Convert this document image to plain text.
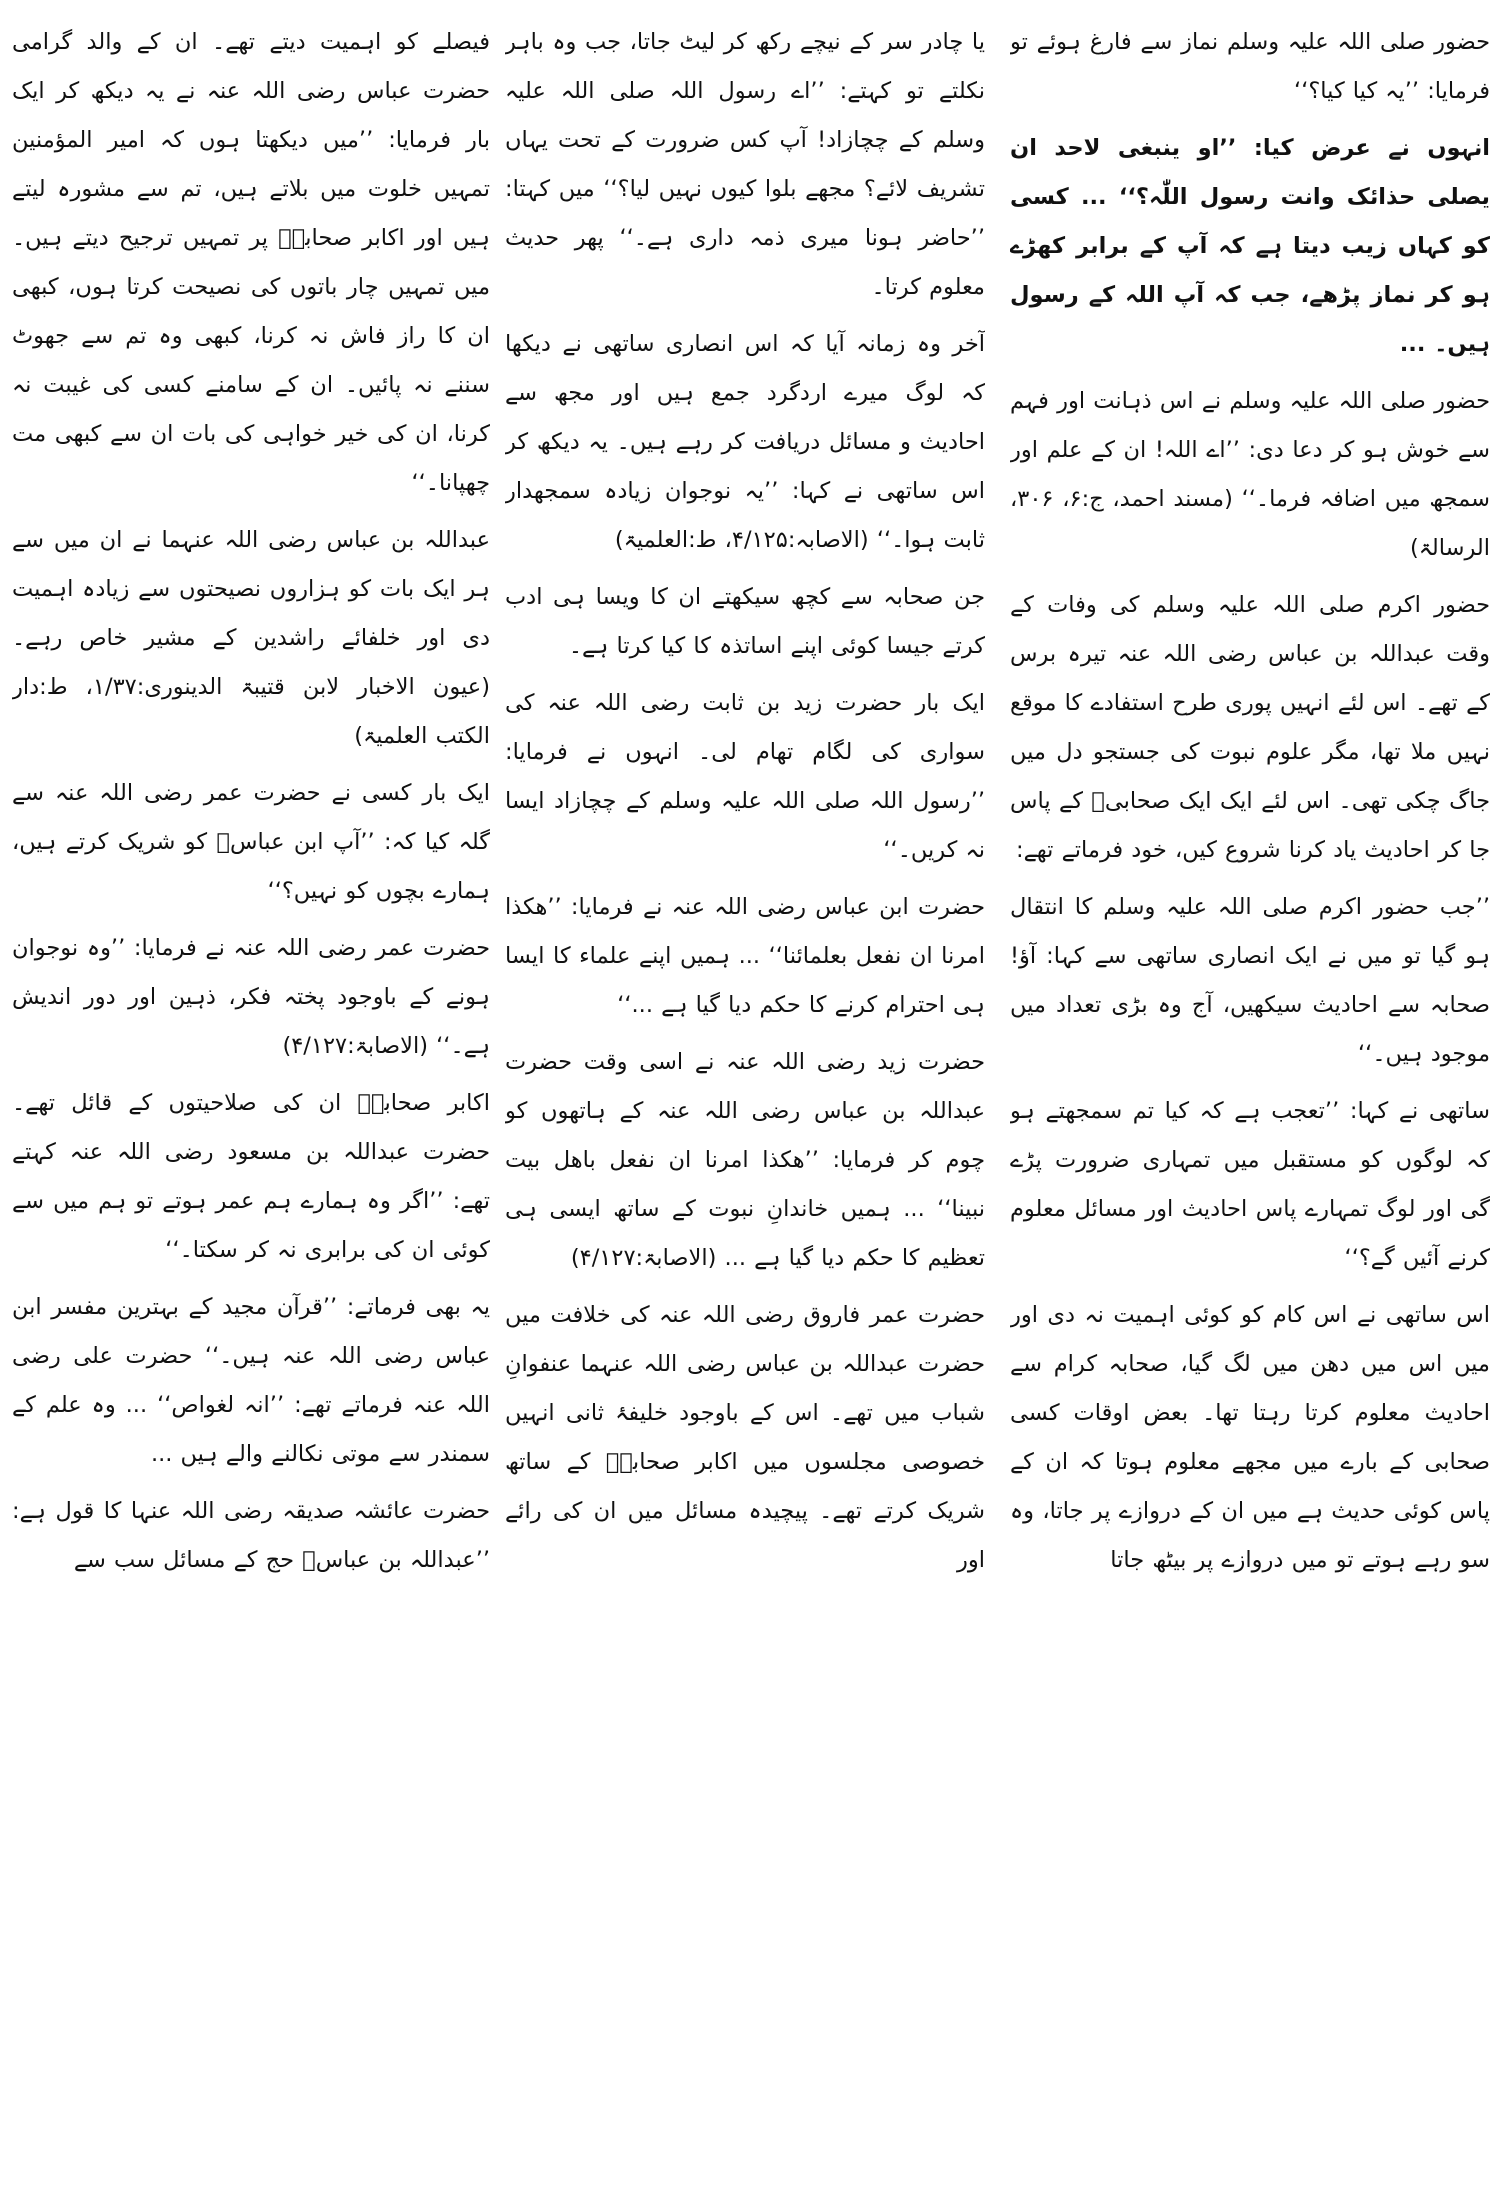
حضور صلی اللہ علیہ وسلم نماز سے فارغ ہوئے تو فرمایا: ’’یہ کیا کیا؟‘‘

انہوں نے عرض کیا: ’’او ینبغی لاحد ان یصلی حذائک وانت رسول اللّٰہ؟‘‘ ... کسی کو کہاں زیب دیتا ہے کہ آپ کے برابر کھڑے ہو کر نماز پڑھے، جب کہ آپ اللہ کے رسول ہیں۔ ...

حضور صلی اللہ علیہ وسلم نے اس ذہانت اور فہم سے خوش ہو کر دعا دی: ’’اے اللہ! ان کے علم اور سمجھ میں اضافہ فرما۔‘‘ (مسند احمد، ج:۶، ۳۰۶، الرسالۃ)

حضور اکرم صلی اللہ علیہ وسلم کی وفات کے وقت عبداللہ بن عباس رضی اللہ عنہ تیرہ برس کے تھے۔ اس لئے انہیں پوری طرح استفادے کا موقع نہیں ملا تھا، مگر علوم نبوت کی جستجو دل میں جاگ چکی تھی۔ اس لئے ایک ایک صحابیؓ کے پاس جا کر احادیث یاد کرنا شروع کیں، خود فرماتے تھے:

’’جب حضور اکرم صلی اللہ علیہ وسلم کا انتقال ہو گیا تو میں نے ایک انصاری ساتھی سے کہا: آؤ! صحابہ سے احادیث سیکھیں، آج وہ بڑی تعداد میں موجود ہیں۔‘‘

ساتھی نے کہا: ’’تعجب ہے کہ کیا تم سمجھتے ہو کہ لوگوں کو مستقبل میں تمہاری ضرورت پڑے گی اور لوگ تمہارے پاس احادیث اور مسائل معلوم کرنے آئیں گے؟‘‘

اس ساتھی نے اس کام کو کوئی اہمیت نہ دی اور میں اس میں دھن میں لگ گیا، صحابہ کرام سے احادیث معلوم کرتا رہتا تھا۔ بعض اوقات کسی صحابی کے بارے میں مجھے معلوم ہوتا کہ ان کے پاس کوئی حدیث ہے میں ان کے دروازے پر جاتا، وہ سو رہے ہوتے تو میں دروازے پر بیٹھ جاتا

یا چادر سر کے نیچے رکھ کر لیٹ جاتا، جب وہ باہر نکلتے تو کہتے: ’’اے رسول اللہ صلی اللہ علیہ وسلم کے چچازاد! آپ کس ضرورت کے تحت یہاں تشریف لائے؟ مجھے بلوا کیوں نہیں لیا؟‘‘ میں کہتا: ’’حاضر ہونا میری ذمہ داری ہے۔‘‘ پھر حدیث معلوم کرتا۔

آخر وہ زمانہ آیا کہ اس انصاری ساتھی نے دیکھا کہ لوگ میرے اردگرد جمع ہیں اور مجھ سے احادیث و مسائل دریافت کر رہے ہیں۔ یہ دیکھ کر اس ساتھی نے کہا: ’’یہ نوجوان زیادہ سمجھدار ثابت ہوا۔‘‘ (الاصابہ:۴/۱۲۵، ط:العلمیۃ)

جن صحابہ سے کچھ سیکھتے ان کا ویسا ہی ادب کرتے جیسا کوئی اپنے اساتذہ کا کیا کرتا ہے۔

ایک بار حضرت زید بن ثابت رضی اللہ عنہ کی سواری کی لگام تھام لی۔ انہوں نے فرمایا: ’’رسول اللہ صلی اللہ علیہ وسلم کے چچازاد ایسا نہ کریں۔‘‘

حضرت ابن عباس رضی اللہ عنہ نے فرمایا: ’’ھکذا امرنا ان نفعل بعلمائنا‘‘ ... ہمیں اپنے علماء کا ایسا ہی احترام کرنے کا حکم دیا گیا ہے ...‘‘

حضرت زید رضی اللہ عنہ نے اسی وقت حضرت عبداللہ بن عباس رضی اللہ عنہ کے ہاتھوں کو چوم کر فرمایا: ’’ھکذا امرنا ان نفعل باھل بیت نبینا‘‘ ... ہمیں خاندانِ نبوت کے ساتھ ایسی ہی تعظیم کا حکم دیا گیا ہے ... (الاصابۃ:۴/۱۲۷)

حضرت عمر فاروق رضی اللہ عنہ کی خلافت میں حضرت عبداللہ بن عباس رضی اللہ عنہما عنفوانِ شباب میں تھے۔ اس کے باوجود خلیفۂ ثانی انہیں خصوصی مجلسوں میں اکابر صحابہؓ کے ساتھ شریک کرتے تھے۔ پیچیدہ مسائل میں ان کی رائے اور

فیصلے کو اہمیت دیتے تھے۔ ان کے والد گرامی حضرت عباس رضی اللہ عنہ نے یہ دیکھ کر ایک بار فرمایا: ’’میں دیکھتا ہوں کہ امیر المؤمنین تمہیں خلوت میں بلاتے ہیں، تم سے مشورہ لیتے ہیں اور اکابر صحابہؓ پر تمہیں ترجیح دیتے ہیں۔ میں تمہیں چار باتوں کی نصیحت کرتا ہوں، کبھی ان کا راز فاش نہ کرنا، کبھی وہ تم سے جھوٹ سننے نہ پائیں۔ ان کے سامنے کسی کی غیبت نہ کرنا، ان کی خیر خواہی کی بات ان سے کبھی مت چھپانا۔‘‘

عبداللہ بن عباس رضی اللہ عنہما نے ان میں سے ہر ایک بات کو ہزاروں نصیحتوں سے زیادہ اہمیت دی اور خلفائے راشدین کے مشیر خاص رہے۔ (عیون الاخبار لابن قتیبۃ الدینوری:۱/۳۷، ط:دار الکتب العلمیۃ)

ایک بار کسی نے حضرت عمر رضی اللہ عنہ سے گلہ کیا کہ: ’’آپ ابن عباسؓ کو شریک کرتے ہیں، ہمارے بچوں کو نہیں؟‘‘

حضرت عمر رضی اللہ عنہ نے فرمایا: ’’وہ نوجوان ہونے کے باوجود پختہ فکر، ذہین اور دور اندیش ہے۔‘‘ (الاصابۃ:۴/۱۲۷)

اکابر صحابہؓ ان کی صلاحیتوں کے قائل تھے۔ حضرت عبداللہ بن مسعود رضی اللہ عنہ کہتے تھے: ’’اگر وہ ہمارے ہم عمر ہوتے تو ہم میں سے کوئی ان کی برابری نہ کر سکتا۔‘‘

یہ بھی فرماتے: ’’قرآن مجید کے بہترین مفسر ابن عباس رضی اللہ عنہ ہیں۔‘‘ حضرت علی رضی اللہ عنہ فرماتے تھے: ’’انہ لغواص‘‘ ... وہ علم کے سمندر سے موتی نکالنے والے ہیں ...

حضرت عائشہ صدیقہ رضی اللہ عنہا کا قول ہے: ’’عبداللہ بن عباسؓ حج کے مسائل سب سے
